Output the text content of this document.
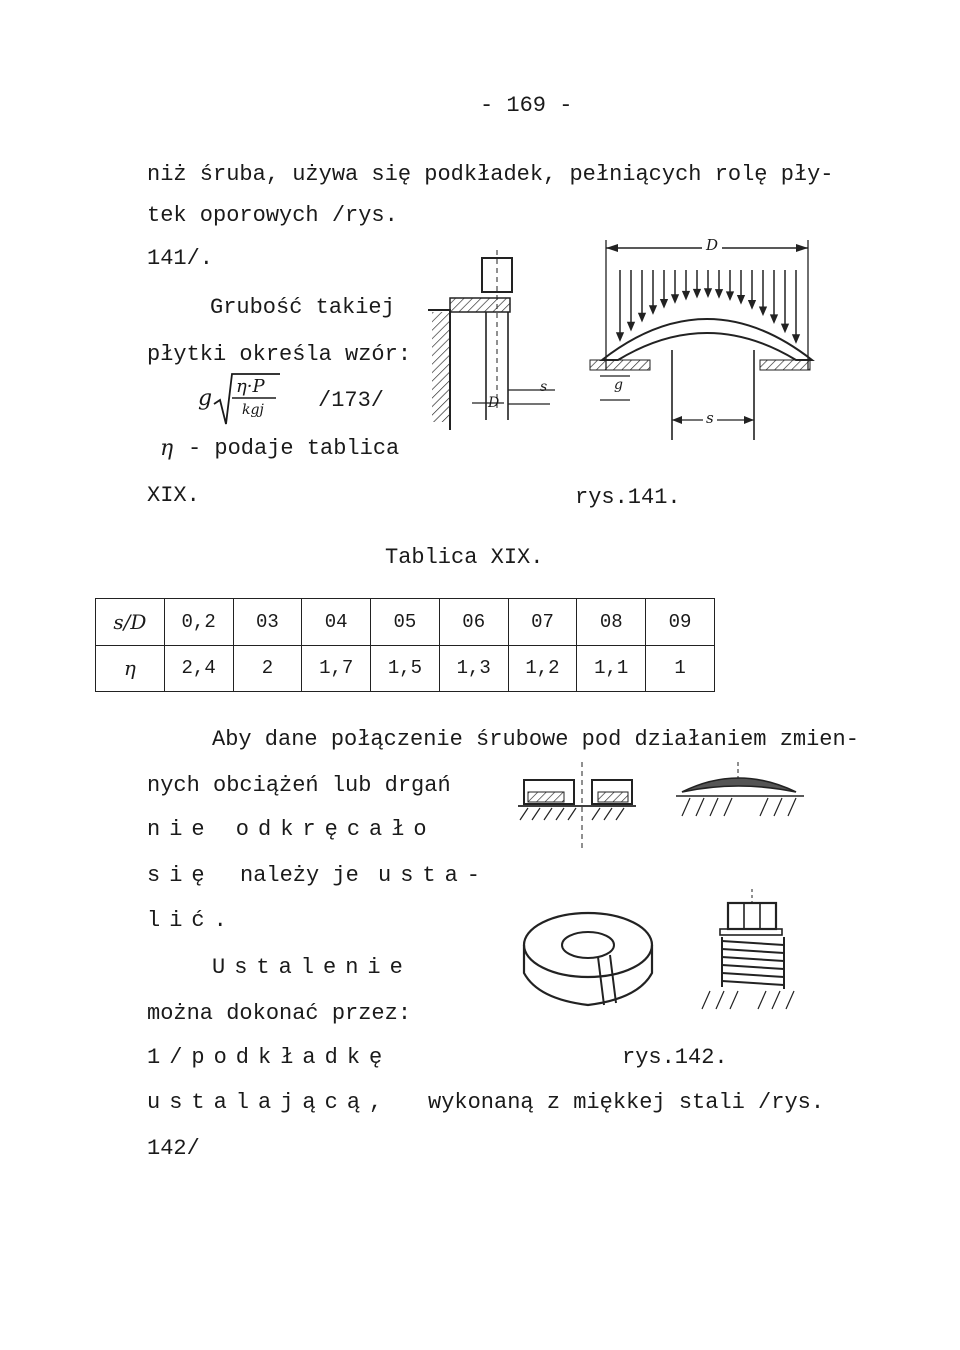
- 169 -
niż śruba, używa się podkładek, pełniących rolę pły-
tek oporowych /rys.
141/.
Grubość takiej
płytki określa wzór:
g η·P
kgj /173/
η - podaje tablica
XIX.
D
s
D
s
g
rys.141.
Tablica XIX.
s/D	0,2	03	04	05	06	07	08	09
η	2,4	2	1,7	1,5	1,3	1,2	1,1	1
Aby dane połączenie śrubowe pod działaniem zmien-
nych obciążeń lub drgań
nie odkręcało
się należy je usta-
lić.
Ustalenie
można dokonać przez:
1/podkładkę
ustalającą, wykonaną z miękkej stali /rys.
142/
rys.142.
